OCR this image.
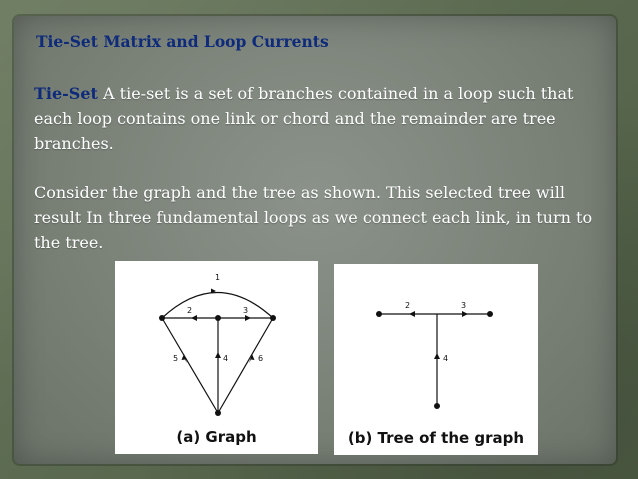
Tie-Set Matrix and Loop Currents
Tie-Set A tie-set is a set of branches contained in a loop such that each loop contains one link or chord and the remainder are tree branches.
Consider the graph and the tree as shown. This selected tree will result In three fundamental loops as we connect each link, in turn to the tree.
1
2	3
4
5	6
(a) Graph
2	3
4
(b) Tree of the graph
